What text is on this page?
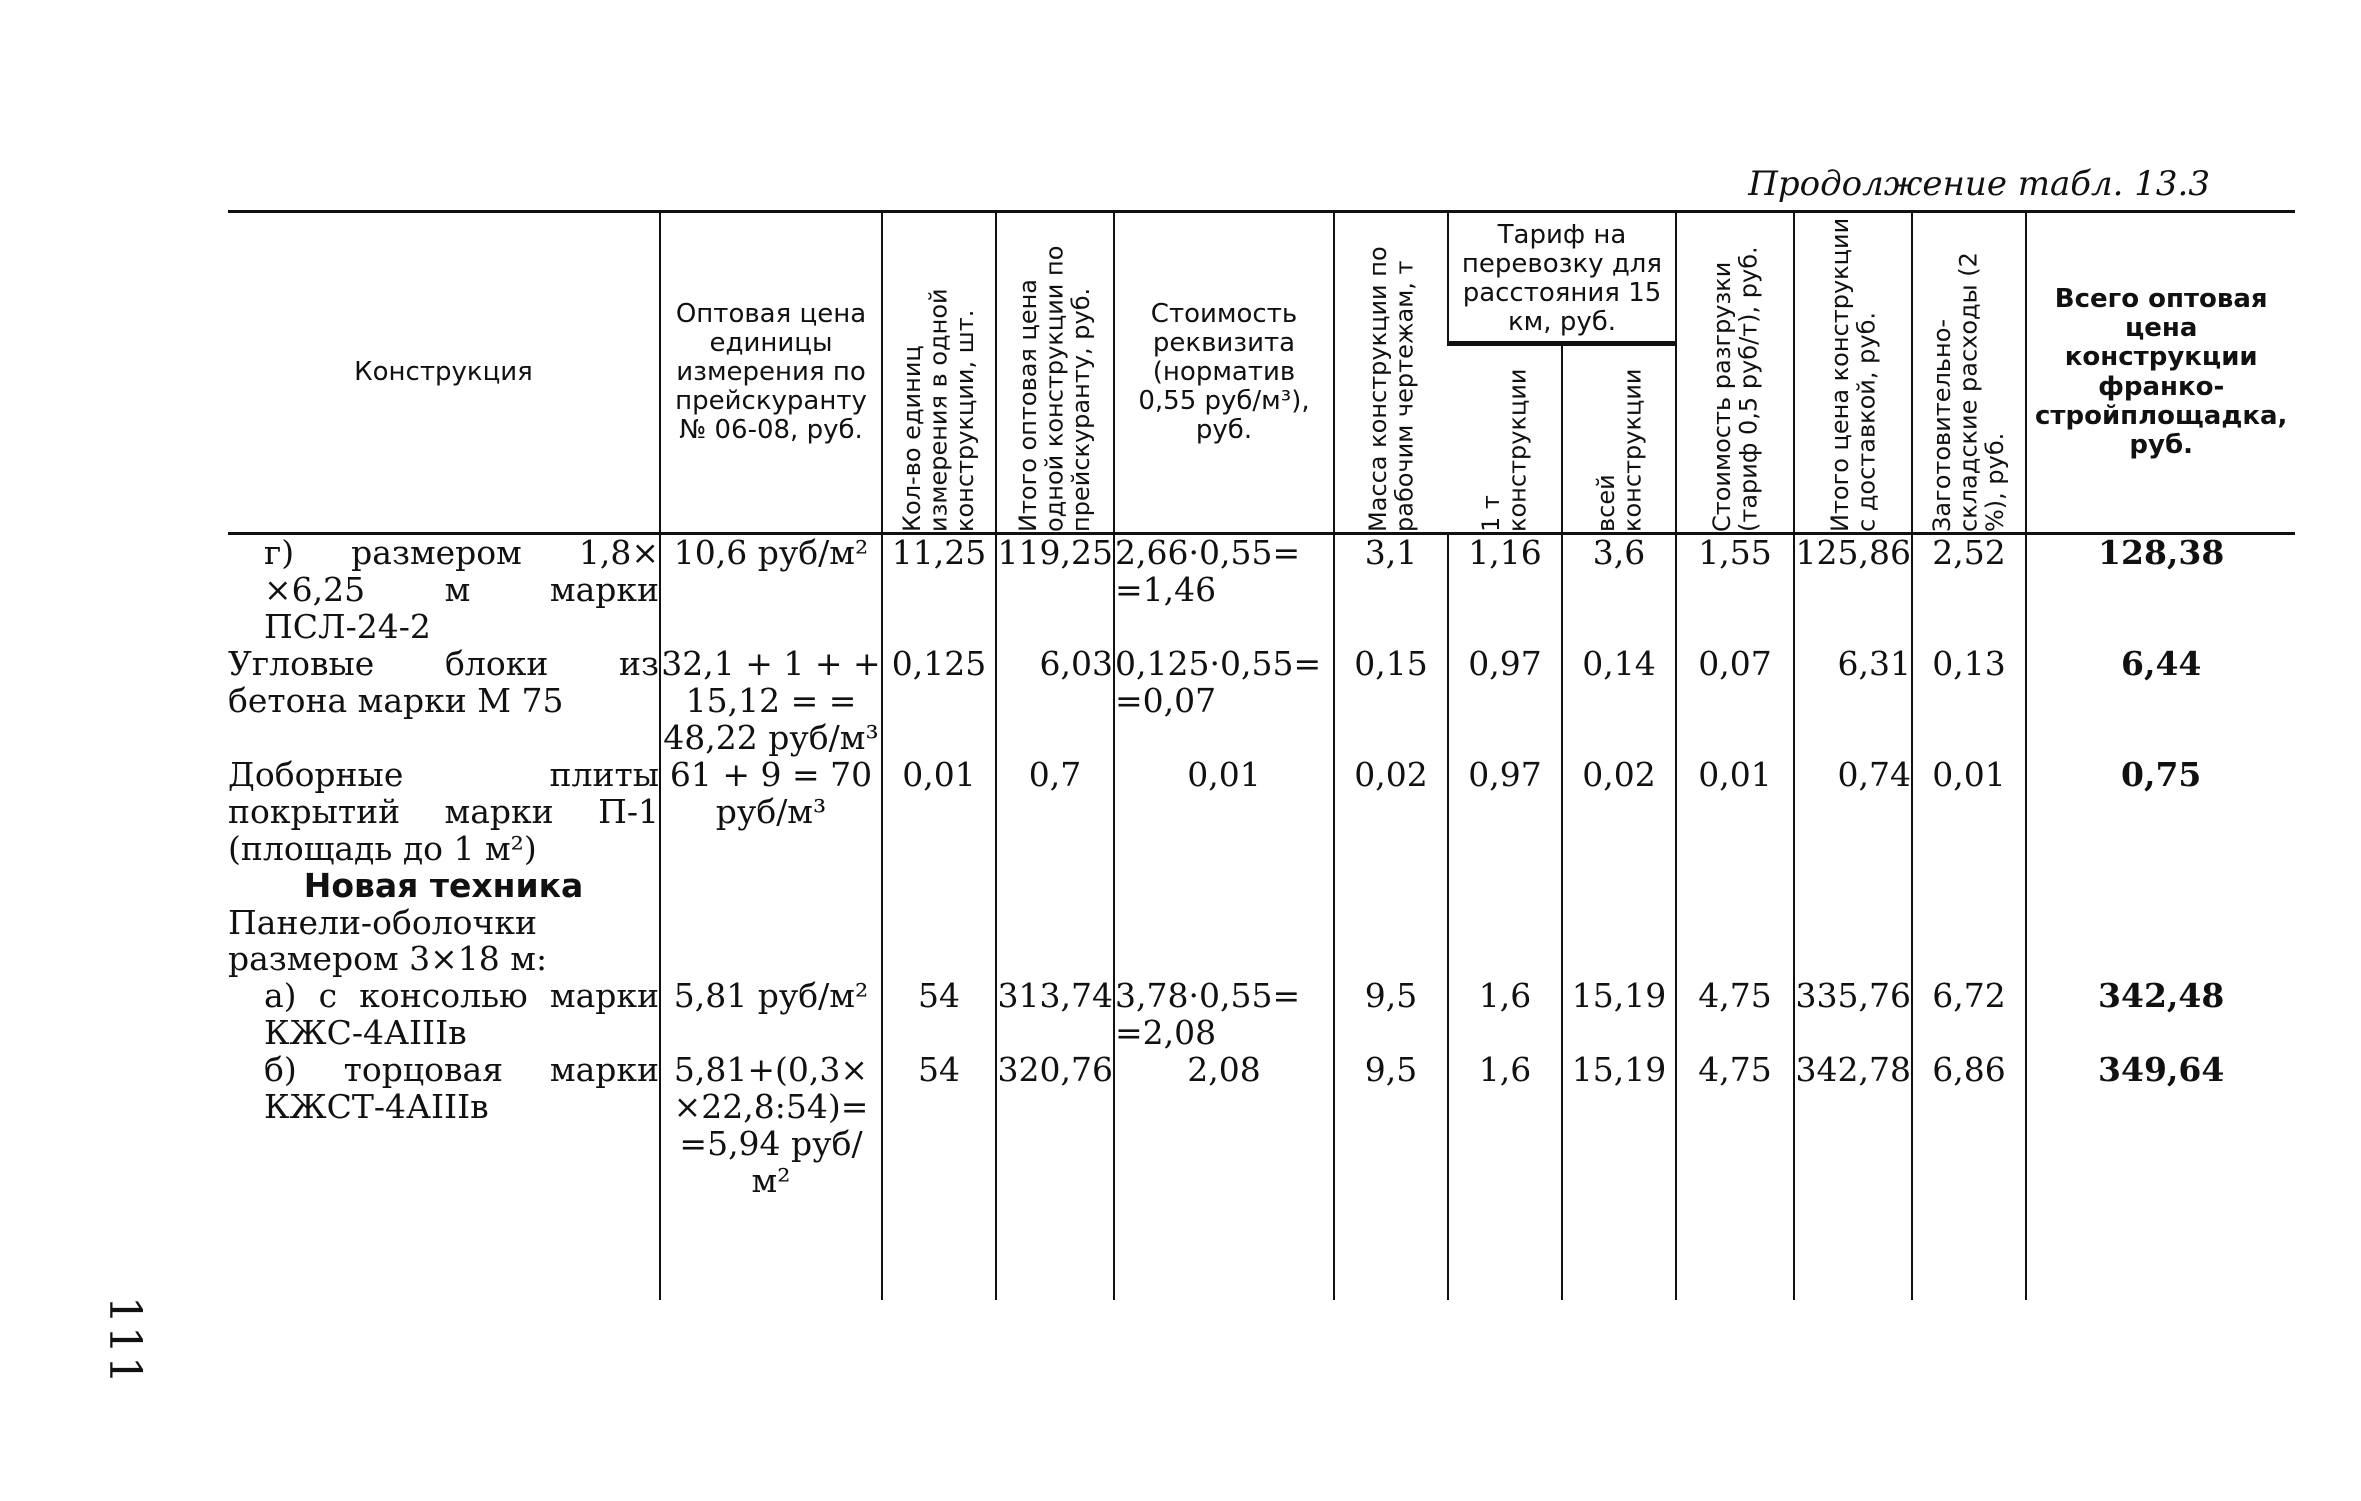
111
Продолжение табл. 13.3
Конструкция	Оптовая цена единицы измерения по прейскуранту № 06-08, руб.	Кол-во единиц измерения в одной конструкции, шт.	Итого оптовая цена одной конструкции по прейскуранту, руб.	Стоимость реквизита (норматив 0,55 руб/м³), руб.	Масса конструкции по рабочим чертежам, т	Тариф на перевозку для расстояния 15 км, руб.		Стоимость разгрузки (тариф 0,5 руб/т), руб.	Итого цена конструкции с доставкой, руб.	Заготовительно-складские расходы (2 %), руб.	Всего оптовая цена конструкции франко-стройплощадка, руб.

						1 т конструкции	всей конструкции				

г) размером 1,8× ×6,25 м марки ПСЛ-24-2	10,6 руб/м²	11,25	119,25	2,66·0,55= =1,46	3,1	1,16	3,6	1,55	125,86	2,52	128,38
Угловые блоки из бетона марки М 75	32,1 + 1 + + 15,12 = = 48,22 руб/м³	0,125	6,03	0,125·0,55= =0,07	0,15	0,97	0,14	0,07	6,31	0,13	6,44
Доборные плиты покрытий марки П-1 (площадь до 1 м²)	61 + 9 = 70 руб/м³	0,01	0,7	0,01	0,02	0,97	0,02	0,01	0,74	0,01	0,75
Новая техника											
Панели-оболочки размером 3×18 м:											
а) с консолью марки КЖС-4АIIIв	5,81 руб/м²	54	313,74	3,78·0,55= =2,08	9,5	1,6	15,19	4,75	335,76	6,72	342,48
б) торцовая марки КЖСТ-4АIIIв	5,81+(0,3× ×22,8:54)= =5,94 руб/м²	54	320,76	2,08	9,5	1,6	15,19	4,75	342,78	6,86	349,64
